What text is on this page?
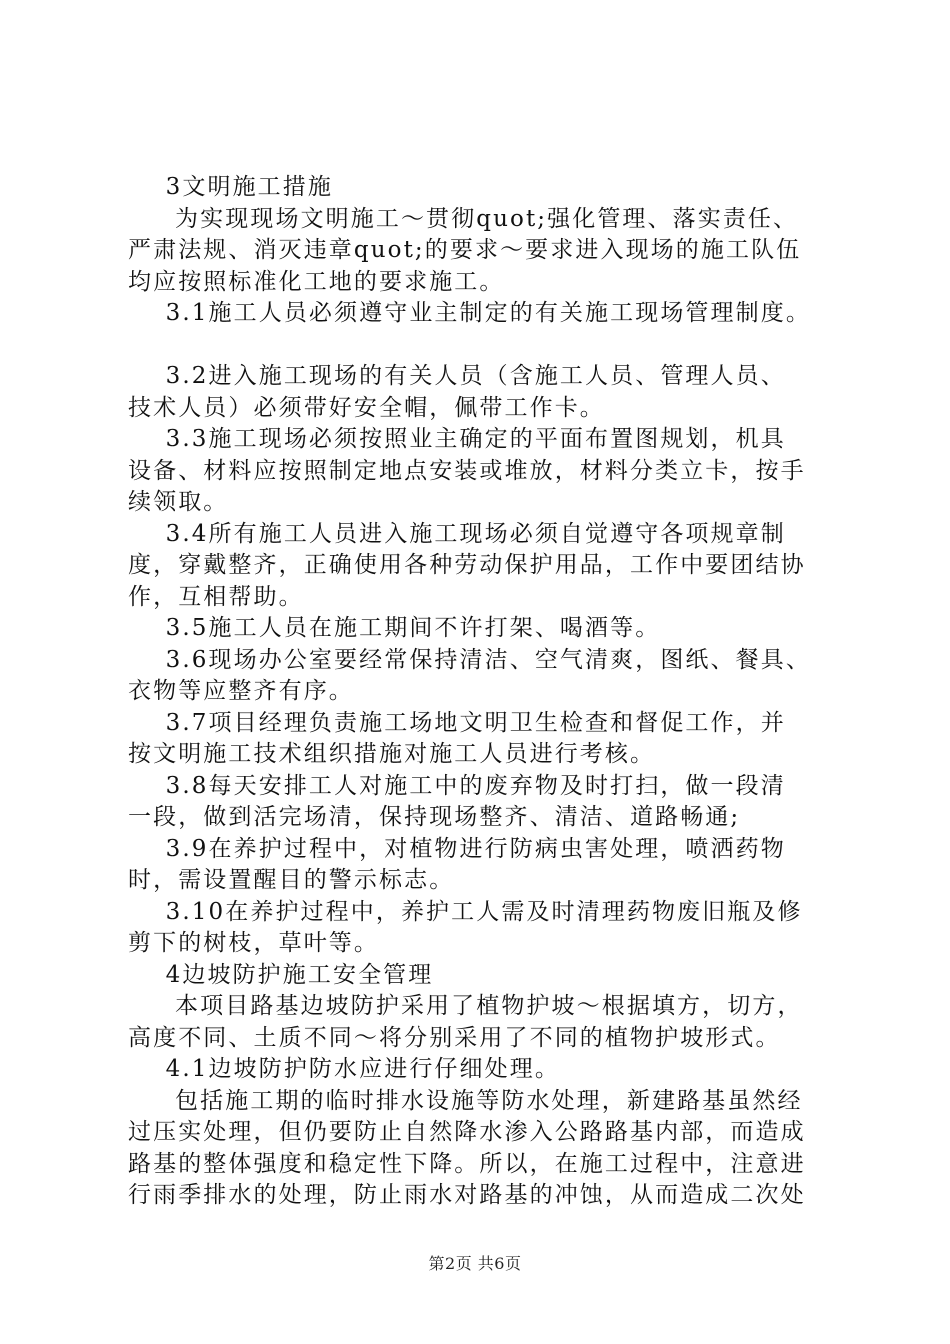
3文明施工措施
为实现现场文明施工～贯彻quot;强化管理、落实责任、
严肃法规、消灭违章quot;的要求～要求进入现场的施工队伍
均应按照标准化工地的要求施工。
3.1施工人员必须遵守业主制定的有关施工现场管理制度。
3.2进入施工现场的有关人员（含施工人员、管理人员、
技术人员）必须带好安全帽，佩带工作卡。
3.3施工现场必须按照业主确定的平面布置图规划，机具
设备、材料应按照制定地点安装或堆放，材料分类立卡，按手
续领取。
3.4所有施工人员进入施工现场必须自觉遵守各项规章制
度，穿戴整齐，正确使用各种劳动保护用品，工作中要团结协
作，互相帮助。
3.5施工人员在施工期间不许打架、喝酒等。
3.6现场办公室要经常保持清洁、空气清爽，图纸、餐具、
衣物等应整齐有序。
3.7项目经理负责施工场地文明卫生检查和督促工作，并
按文明施工技术组织措施对施工人员进行考核。
3.8每天安排工人对施工中的废弃物及时打扫，做一段清
一段，做到活完场清，保持现场整齐、清洁、道路畅通;
3.9在养护过程中，对植物进行防病虫害处理，喷洒药物
时，需设置醒目的警示标志。
3.10在养护过程中，养护工人需及时清理药物废旧瓶及修
剪下的树枝，草叶等。
4边坡防护施工安全管理
本项目路基边坡防护采用了植物护坡～根据填方，切方，
高度不同、土质不同～将分别采用了不同的植物护坡形式。
4.1边坡防护防水应进行仔细处理。
包括施工期的临时排水设施等防水处理，新建路基虽然经
过压实处理，但仍要防止自然降水渗入公路路基内部，而造成
路基的整体强度和稳定性下降。所以，在施工过程中，注意进
行雨季排水的处理，防止雨水对路基的冲蚀，从而造成二次处
第2页 共6页
